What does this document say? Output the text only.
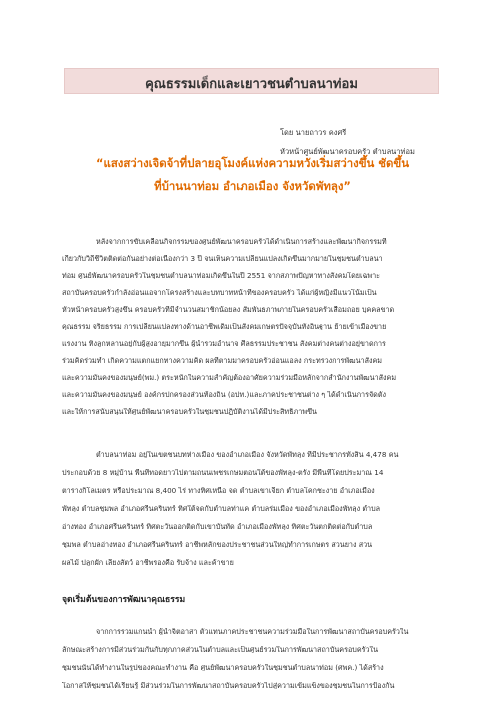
คุณธรรมเด็กและเยาวชนตำบลนาท่อม
โดย นายถาวร คงศรี
หัวหน้าศูนย์พัฒนาครอบครัว ตำบลนาท่อม
“แสงสว่างเจิดจ้าที่ปลายอุโมงค์แห่งความหวังเริ่มสว่างขึ้น ชัดขึ้น
ที่บ้านนาท่อม อำเภอเมือง จังหวัดพัทลุง”
หลังจากการขับเคลื่อนกิจกรรมของศูนย์พัฒนาครอบครัวได้ดำเนินการสร้างและพัฒนากิจกรรมที่
เกี่ยวกับวิถีชีวิตติดต่อกันอย่างต่อเนื่องกว่า 3 ปี จนเห็นความเปลี่ยนแปลงเกิดขึ้นมากมายในชุมชนตำบลนา
ท่อม ศูนย์พัฒนาครอบครัวในชุมชนตำบลนาท่อมเกิดขึ้นในปี 2551 จากสภาพปัญหาทางสังคมโดยเฉพาะ
สถาบันครอบครัวกำลังอ่อนแอจากโครงสร้างและบทบาทหน้าที่ของครอบครัว ได้แก่ผู้หญิงมีแนวโน้มเป็น
หัวหน้าครอบครัวสูงขึ้น ครอบครัวที่มีจำนวนสมาชิกน้อยลง สัมพันธภาพภายในครอบครัวเสื่อมถอย บุคคลขาด
คุณธรรม จริยธรรม การเปลี่ยนแปลงทางด้านอาชีพเดิมเป็นสังคมเกษตรปัจจุบันทั้งอินฐาน ย้ายเข้าเมืองขาย
แรงงาน ทิ้งลูกหลานอยู่กับผู้สูงอายุมากขึ้น ผู้นำรวมอำนาจ ศีลธรรมประชาชน สังคมต่างคนต่างอยู่ขาดการ
ร่วมคิดร่วมทำ เกิดความแตกแยกทางความคิด ผลที่ตามมาครอบครัวอ่อนแอลง กระทรวงการพัฒนาสังคม
และความมั่นคงของมนุษย์(พม.) ตระหนักในความสำคัญต้องอาศัยความร่วมมือหลักจากสำนักงานพัฒนาสังคม
และความมั่นคงของมนุษย์ องค์กรปกครองส่วนท้องถิ่น (อปท.)และภาคประชาชนต่าง ๆ ได้ดำเนินการจัดตั้ง
และให้การสนับสนุนให้ศูนย์พัฒนาครอบครัวในชุมชนปฏิบัติงานได้มีประสิทธิภาพขึ้น
ตำบลนาท่อม อยู่ในเขตชนบทห่างเมือง ของอำเภอเมือง จังหวัดพัทลุง ที่มีประชากรทั้งสิ้น 4,478 คน
ประกอบด้วย 8 หมู่บ้าน พื้นที่ทอดยาวไปตามถนนเพชรเกษมตอนใต้ของพัทลุง-ตรัง มีพื้นที่โดยประมาณ 14
ตารางกิโลเมตร หรือประมาณ 8,400 ไร่ ทางทิศเหนือ จด ตำบลเขาเจียก ตำบลโคกชะงาย อำเภอเมือง
พัทลุง ตำบลชุมพล อำเภอศรีนครินทร์ ทิศใต้จดกับตำบลท่าแค ตำบลร่มเมือง ของอำเภอเมืองพัทลุง ตำบล
อ่างทอง อำเภอศรีนครินทร์ ทิศตะวันออกติดกับเขาบันทัด อำเภอเมืองพัทลุง ทิศตะวันตกติดต่อกับตำบล
ชุมพล ตำบลอ่างทอง อำเภอศรีนครินทร์ อาชีพหลักของประชาชนส่วนใหญ่ทำการเกษตร สวนยาง สวน
ผลไม้ ปลูกผัก เลี้ยงสัตว์ อาชีพรองคือ รับจ้าง และค้าขาย
จุดเริ่มต้นของการพัฒนาคุณธรรม
จากการรวมแกนนำ ผู้นำจิตอาสา ตัวแทนภาคประชาชนความร่วมมือในการพัฒนาสถาบันครอบครัวใน
ลักษณะสร้างการมีส่วนร่วมกันกับทุกภาคส่วนในตำบลและเป็นศูนย์รวมในการพัฒนาสถาบันครอบครัวใน
ชุมชนนั้นได้ทำงานในรูปของคณะทำงาน คือ ศูนย์พัฒนาครอบครัวในชุมชนตำบลนาท่อม (ศพค.) ได้สร้าง
โอกาสให้ชุมชนได้เรียนรู้ มีส่วนร่วมในการพัฒนาสถาบันครอบครัวไปสู่ความเข้มแข็งของชุมชนในการป้องกัน
